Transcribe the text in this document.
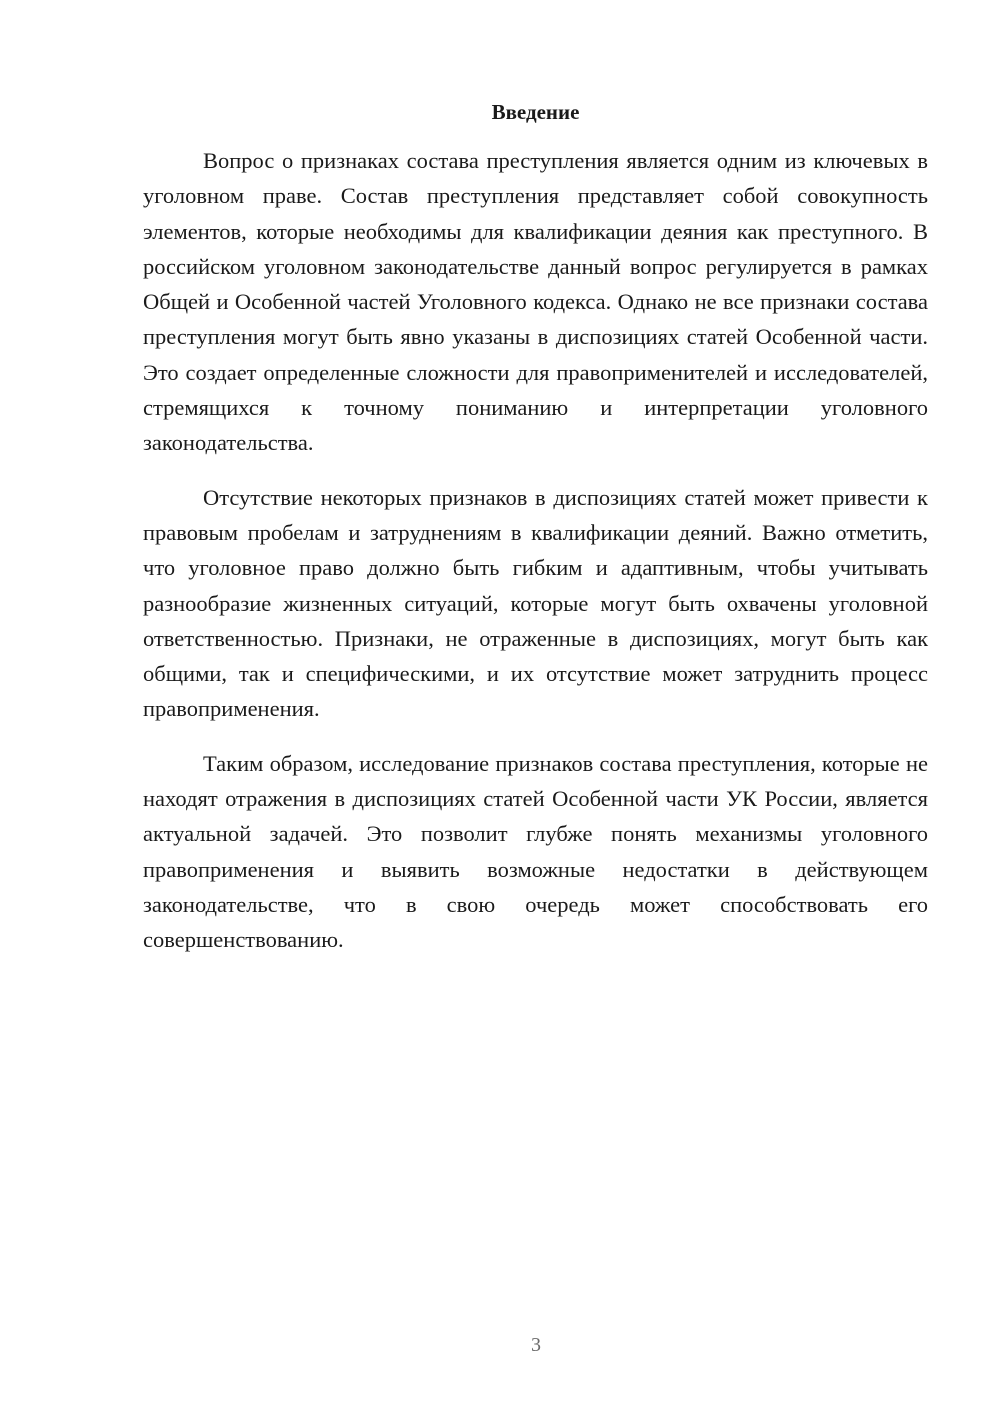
Введение

Вопрос о признаках состава преступления является одним из ключевых в уголовном праве. Состав преступления представляет собой совокупность элементов, которые необходимы для квалификации деяния как преступного. В российском уголовном законодательстве данный вопрос регулируется в рамках Общей и Особенной частей Уголовного кодекса. Однако не все признаки состава преступления могут быть явно указаны в диспозициях статей Особенной части. Это создает определенные сложности для правоприменителей и исследователей, стремящихся к точному пониманию и интерпретации уголовного законодательства.

Отсутствие некоторых признаков в диспозициях статей может привести к правовым пробелам и затруднениям в квалификации деяний. Важно отметить, что уголовное право должно быть гибким и адаптивным, чтобы учитывать разнообразие жизненных ситуаций, которые могут быть охвачены уголовной ответственностью. Признаки, не отраженные в диспозициях, могут быть как общими, так и специфическими, и их отсутствие может затруднить процесс правоприменения.

Таким образом, исследование признаков состава преступления, которые не находят отражения в диспозициях статей Особенной части УК России, является актуальной задачей. Это позволит глубже понять механизмы уголовного правоприменения и выявить возможные недостатки в действующем законодательстве, что в свою очередь может способствовать его совершенствованию.

3
